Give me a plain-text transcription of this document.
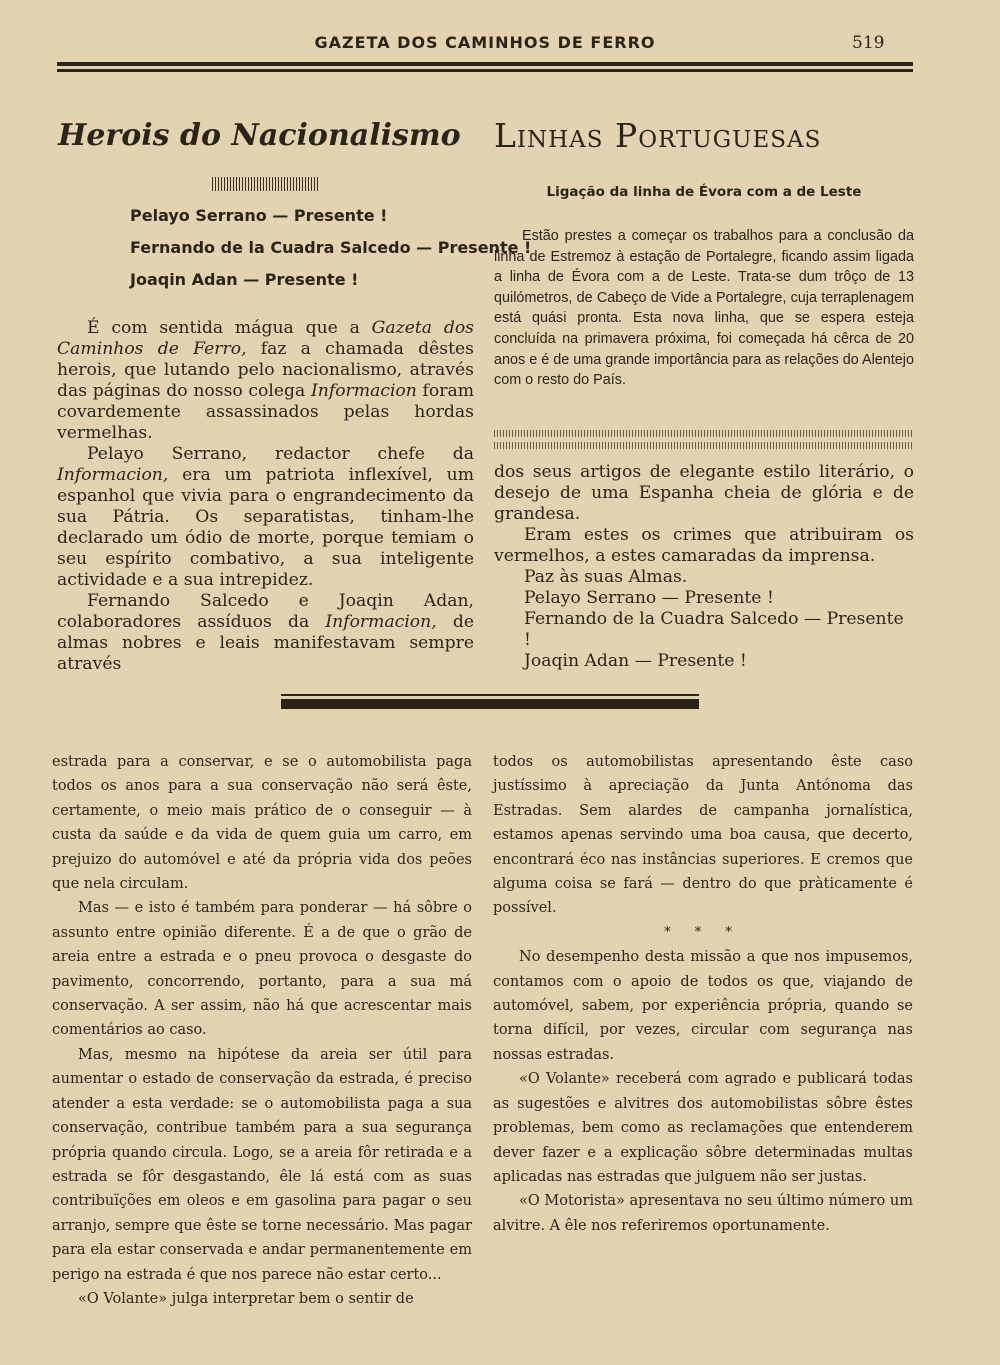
GAZETA DOS CAMINHOS DE FERRO	519
Herois do Nacionalismo
Pelayo Serrano — Presente !
Fernando de la Cuadra Salcedo — Presente !
Joaqin Adan — Presente !

É com sentida mágua que a Gazeta dos Caminhos de Ferro, faz a chamada dêstes herois, que lutando pelo nacionalismo, através das páginas do nosso colega Informacion foram covardemente assassinados pelas hordas vermelhas.

Pelayo Serrano, redactor chefe da Informacion, era um patriota inflexível, um espanhol que vivia para o engrandecimento da sua Pátria. Os separatistas, tinham-lhe declarado um ódio de morte, porque temiam o seu espírito combativo, a sua inteligente actividade e a sua intrepidez.

Fernando Salcedo e Joaqin Adan, colaboradores assíduos da Informacion, de almas nobres e leais manifestavam sempre através

Linhas Portuguesas
Ligação da linha de Évora com a de Leste

Estão prestes a começar os trabalhos para a conclusão da linha de Estremoz à estação de Portalegre, ficando assim ligada a linha de Évora com a de Leste. Trata-se dum trôço de 13 quilómetros, de Cabeço de Vide a Portalegre, cuja terraplenagem está quási pronta. Esta nova linha, que se espera esteja concluída na primavera próxima, foi começada há cêrca de 20 anos e é de uma grande importância para as relações do Alentejo com o resto do País.

dos seus artigos de elegante estilo literário, o desejo de uma Espanha cheia de glória e de grandesa.

Eram estes os crimes que atribuiram os vermelhos, a estes camaradas da imprensa.

Paz às suas Almas.

Pelayo Serrano — Presente !

Fernando de la Cuadra Salcedo — Presente !

Joaqin Adan — Presente !

estrada para a conservar, e se o automobilista paga todos os anos para a sua conservação não será êste, certamente, o meio mais prático de o conseguir — à custa da saúde e da vida de quem guia um carro, em prejuizo do automóvel e até da própria vida dos peões que nela circulam.

Mas — e isto é também para ponderar — há sôbre o assunto entre opinião diferente. É a de que o grão de areia entre a estrada e o pneu provoca o desgaste do pavimento, concorrendo, portanto, para a sua má conservação. A ser assim, não há que acrescentar mais comentários ao caso.

Mas, mesmo na hipótese da areia ser útil para aumentar o estado de conservação da estrada, é preciso atender a esta verdade: se o automobilista paga a sua conservação, contribue também para a sua segurança própria quando circula. Logo, se a areia fôr retirada e a estrada se fôr desgastando, êle lá está com as suas contribuïções em oleos e em gasolina para pagar o seu arranjo, sempre que êste se torne necessário. Mas pagar para ela estar conservada e andar permanentemente em perigo na estrada é que nos parece não estar certo...

«O Volante» julga interpretar bem o sentir de

todos os automobilistas apresentando êste caso justíssimo à apreciação da Junta Antónoma das Estradas. Sem alardes de campanha jornalística, estamos apenas servindo uma boa causa, que decerto, encontrará éco nas instâncias superiores. E cremos que alguma coisa se fará — dentro do que pràticamente é possível.

* * *

No desempenho desta missão a que nos impusemos, contamos com o apoio de todos os que, viajando de automóvel, sabem, por experiência própria, quando se torna difícil, por vezes, circular com segurança nas nossas estradas.

«O Volante» receberá com agrado e publicará todas as sugestões e alvitres dos automobilistas sôbre êstes problemas, bem como as reclamações que entenderem dever fazer e a explicação sôbre determinadas multas aplicadas nas estradas que julguem não ser justas.

«O Motorista» apresentava no seu último número um alvitre. A êle nos referiremos oportunamente.
